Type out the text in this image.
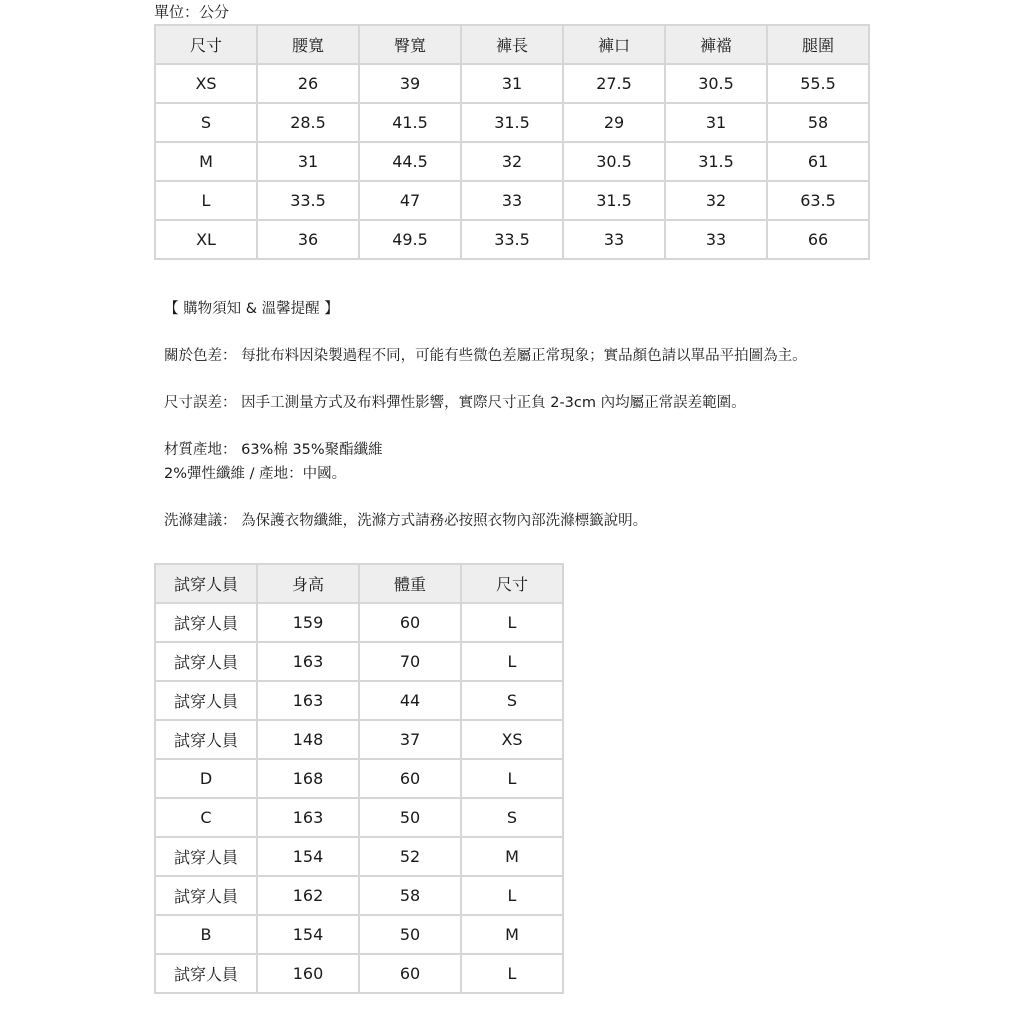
單位：公分
尺寸	腰寬	臀寬	褲長	褲口	褲襠	腿圍
XS	26	39	31	27.5	30.5	55.5
S	28.5	41.5	31.5	29	31	58
M	31	44.5	32	30.5	31.5	61
L	33.5	47	33	31.5	32	63.5
XL	36	49.5	33.5	33	33	66

【 購物須知 & 溫馨提醒 】

關於色差： 每批布料因染製過程不同，可能有些微色差屬正常現象；實品顏色請以單品平拍圖為主。

尺寸誤差： 因手工測量方式及布料彈性影響，實際尺寸正負 2-3cm 內均屬正常誤差範圍。

材質產地： 63%棉 35%聚酯纖維

2%彈性纖維 / 產地：中國。

洗滌建議： 為保護衣物纖維，洗滌方式請務必按照衣物內部洗滌標籤說明。

試穿人員	身高	體重	尺寸
試穿人員	159	60	L
試穿人員	163	70	L
試穿人員	163	44	S
試穿人員	148	37	XS
D	168	60	L
C	163	50	S
試穿人員	154	52	M
試穿人員	162	58	L
B	154	50	M
試穿人員	160	60	L
